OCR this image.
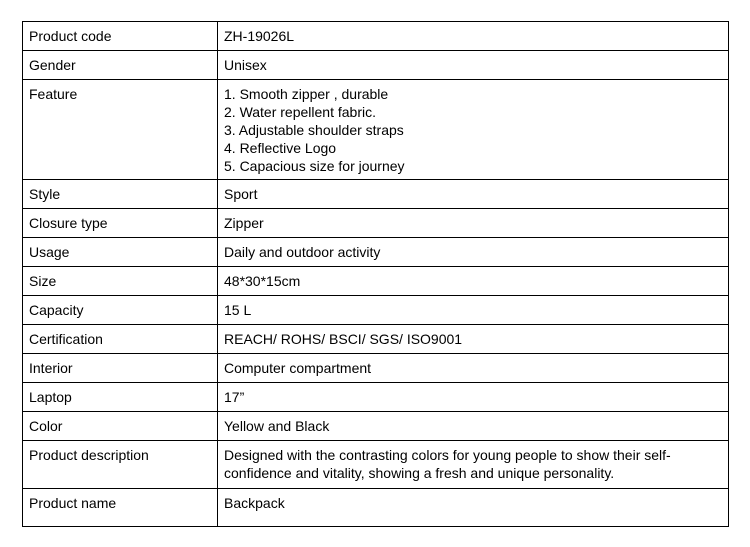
Product code	ZH-19026L
Gender	Unisex
Feature	1. Smooth zipper , durable
2. Water repellent fabric.
3. Adjustable shoulder straps
4. Reflective Logo
5. Capacious size for journey

Style	Sport
Closure type	Zipper
Usage	Daily and outdoor activity
Size	48*30*15cm
Capacity	15 L
Certification	REACH/ ROHS/ BSCI/ SGS/ ISO9001
Interior	Computer compartment
Laptop	17”
Color	Yellow and Black
Product description	Designed with the contrasting colors for young people to show their self-confidence and vitality, showing a fresh and unique personality.
Product name	Backpack
